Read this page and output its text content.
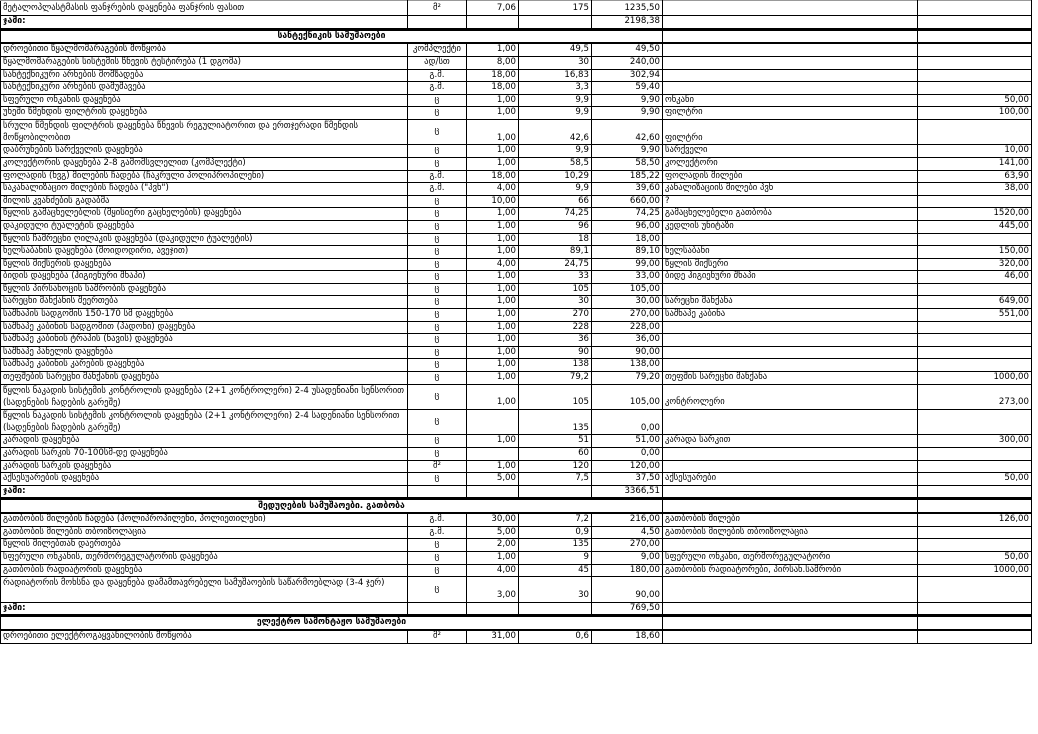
მეტალოპლასტმასის ფანჯრების დაყენება ფანჯრის ფასით	მ²	7,06	175	1235,50		
ჯამი:				2198,38		
სანტექნიკის სამუშაოები						
დროებითი წყალმომარაგების მოწყობა	კომპლექტი	1,00	49,5	49,50		
წყალმომარაგების სისტემის წნევის ტესტირება (1 დგომა)	ად/სთ	8,00	30	240,00		
სანტექნიკური არხების მომზადება	გ.მ.	18,00	16,83	302,94		
სანტექნიკური არხების დამუშავება	გ.მ.	18,00	3,3	59,40		
სფერული ონკანის დაყენება	ც	1,00	9,9	9,90	ონკანი	50,00
უხეში წმენდის ფილტრის დაყენება	ც	1,00	9,9	9,90	ფილტრი	100,00
სრული წმენდის ფილტრის დაყენება წნევის რეგულიატორით და ერთჯერადი წმენდის მოწყობილობით	ც	1,00	42,6	42,60	ფილტრი	
დაბრუნების სარქველის დაყენება	ც	1,00	9,9	9,90	სარქველი	10,00
კოლექტორის დაყენება 2-8 გამომსვლელით (კომპლექტი)	ც	1,00	58,5	58,50	კოლექტორი	141,00
ფოლადის (ხვგ) მილების ჩადება (ჩაკრული პოლიპროპილენი)	გ.მ.	18,00	10,29	185,22	ფოლადის მილები	63,90
საკანალიზაციო მილების ჩადება ("პვხ")	გ.მ.	4,00	9,9	39,60	კანალიზაციის მილები პვხ	38,00
მილის კვანძების გადაბმა	ც	10,00	66	660,00	?	
წყლის გამაცხელებლის (მყისიერი გაცხელების) დაყენება	ც	1,00	74,25	74,25	გამაცხელებელი გათბობა	1520,00
დაკიდული ტუალეტის დაყენება	ც	1,00	96	96,00	კედლის უნიტაზი	445,00
წყლის ჩამრეცხი ღილაკის დაყენება (დაკიდული ტუალეტის)	ც	1,00	18	18,00		
ხელსაბანის დაყენება (მოიდოდირი, ავეჯით)	ც	1,00	89,1	89,10	ხელსაბანი	150,00
წყლის მიქსერის დაყენება	ც	4,00	24,75	99,00	წყლის მიქსერი	320,00
ბიდის დაყენება (ჰიგიენური შხაპი)	ც	1,00	33	33,00	ბიდე ჰიგიენური შხაპი	46,00
წყლის პირსახოცის საშრობის დაყენება	ც	1,00	105	105,00		
სარეცხი მანქანის შეერთება	ც	1,00	30	30,00	სარეცხი მანქანა	649,00
საშხაპის სადგომის 150-170 სმ დაყენება	ც	1,00	270	270,00	საშხაპე კაბინა	551,00
საშხაპე კაბინის სადგომით (პადონი) დაყენება	ც	1,00	228	228,00		
საშხაპე კაბინის ტრაპის (ნავის) დაყენება	ც	1,00	36	36,00		
საშხაპე პანელის დაყენება	ც	1,00	90	90,00		
საშხაპე კაბინის კარების დაყენება	ც	1,00	138	138,00		
თეფშების სარეცხი მანქანის დაყენება	ც	1,00	79,2	79,20	თეფშის სარეცხი მანქანა	1000,00
წყლის ნაკადის სისტემის კონტროლის დაყენება (2+1 კონტროლერი) 2-4 უსადენიანი სენსორით (სადენების ჩადების გარეშე)	ც	1,00	105	105,00	კონტროლერი	273,00
წყლის ნაკადის სისტემის კონტროლის დაყენება (2+1 კონტროლერი) 2-4 სადენიანი სენსორით (სადენების ჩადების გარეშე)	ც		135	0,00		
კარადის დაყენება	ც	1,00	51	51,00	კარადა სარკით	300,00
კარადის სარკის 70-100სმ-დე დაყენება	ც		60	0,00		
კარადის სარკის დაყენება	მ²	1,00	120	120,00		
აქსესუარების დაყენება	ც	5,00	7,5	37,50	აქსესუარები	50,00
ჯამი:				3366,51		
შედუღების სამუშაოები. გათბობა						
გათბობის მილების ჩადება (პოლიპროპილენი, პოლიეთილენი)	გ.მ.	30,00	7,2	216,00	გათბობის მილები	126,00
გათბობის მილების თბოიზოლაცია	გ.მ.	5,00	0,9	4,50	გათბობის მილების თბოიზოლაცია	
წყლის მილებთან დაერთება	ც	2,00	135	270,00		
სფერული ონკანის, თერმორეგულატორის დაყენება	ც	1,00	9	9,00	სფერული ონკანი, თერმორეგულატორი	50,00
გათბობის რადიატორის დაყენება	ც	4,00	45	180,00	გათბობის რადიატორები, პირსახ.საშრობი	1000,00
რადიატორის მოხსნა და დაყენება დამამთავრებელი სამუშაოების საწარმოებლად (3-4 ჯერ)	ც	3,00	30	90,00		
ჯამი:				769,50		
ელექტრო სამონტაჟო სამუშაოები						
დროებითი ელექტროგაყვანილობის მოწყობა	მ²	31,00	0,6	18,60		
